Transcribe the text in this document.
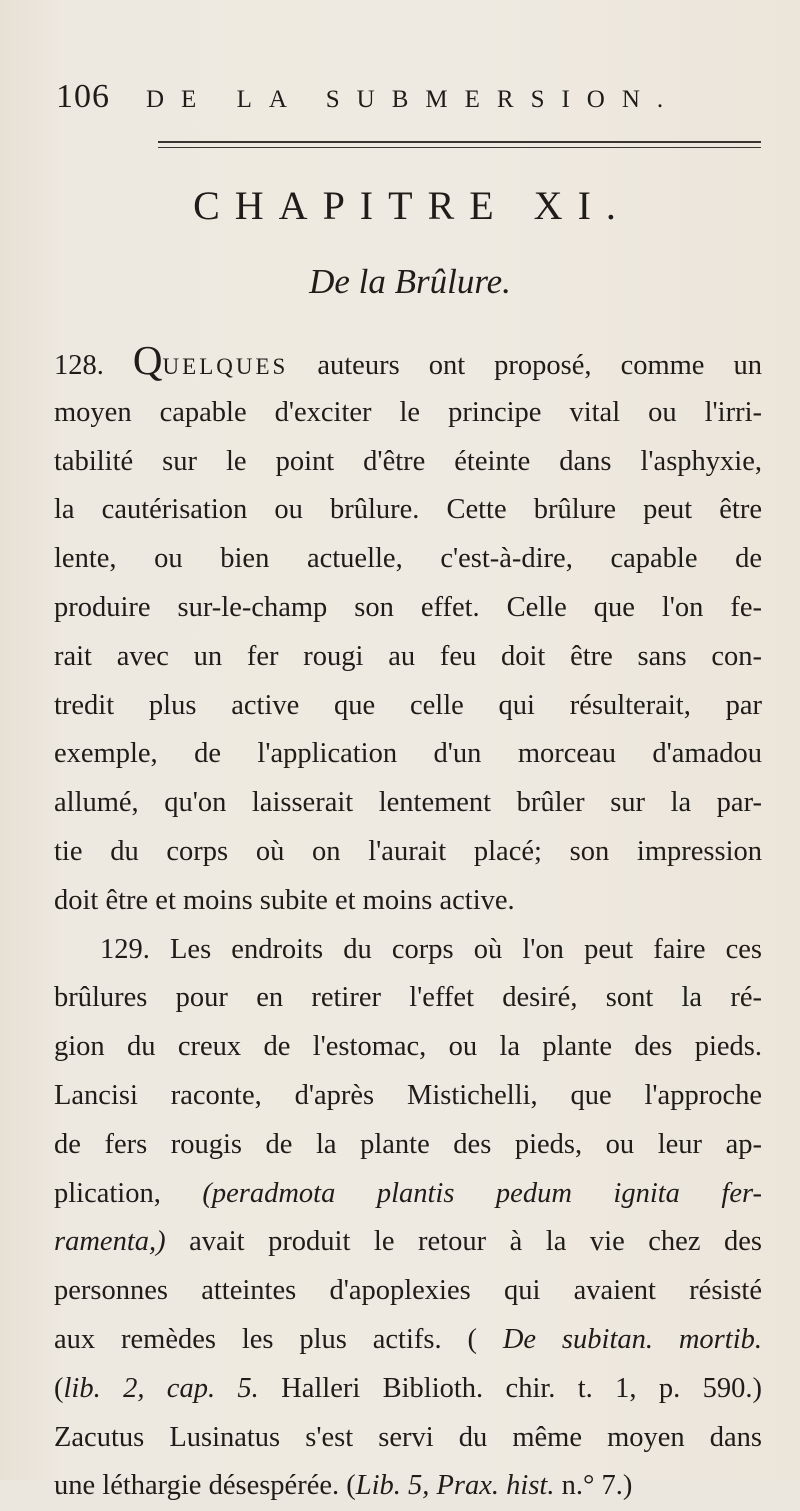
106 DE LA SUBMERSION.
CHAPITRE XI.
De la Brûlure.
128. QUELQUES auteurs ont proposé, comme un
moyen capable d'exciter le principe vital ou l'irri-
tabilité sur le point d'être éteinte dans l'asphyxie,
la cautérisation ou brûlure. Cette brûlure peut être
lente, ou bien actuelle, c'est-à-dire, capable de
produire sur-le-champ son effet. Celle que l'on fe-
rait avec un fer rougi au feu doit être sans con-
tredit plus active que celle qui résulterait, par
exemple, de l'application d'un morceau d'amadou
allumé, qu'on laisserait lentement brûler sur la par-
tie du corps où on l'aurait placé; son impression
doit être et moins subite et moins active.
129. Les endroits du corps où l'on peut faire ces
brûlures pour en retirer l'effet desiré, sont la ré-
gion du creux de l'estomac, ou la plante des pieds.
Lancisi raconte, d'après Mistichelli, que l'approche
de fers rougis de la plante des pieds, ou leur ap-
plication, (peradmota plantis pedum ignita fer-
ramenta,) avait produit le retour à la vie chez des
personnes atteintes d'apoplexies qui avaient résisté
aux remèdes les plus actifs. ( De subitan. mortib.
(lib. 2, cap. 5. Halleri Biblioth. chir. t. 1, p. 590.)
Zacutus Lusinatus s'est servi du même moyen dans
une léthargie désespérée. (Lib. 5, Prax. hist. n.° 7.)
